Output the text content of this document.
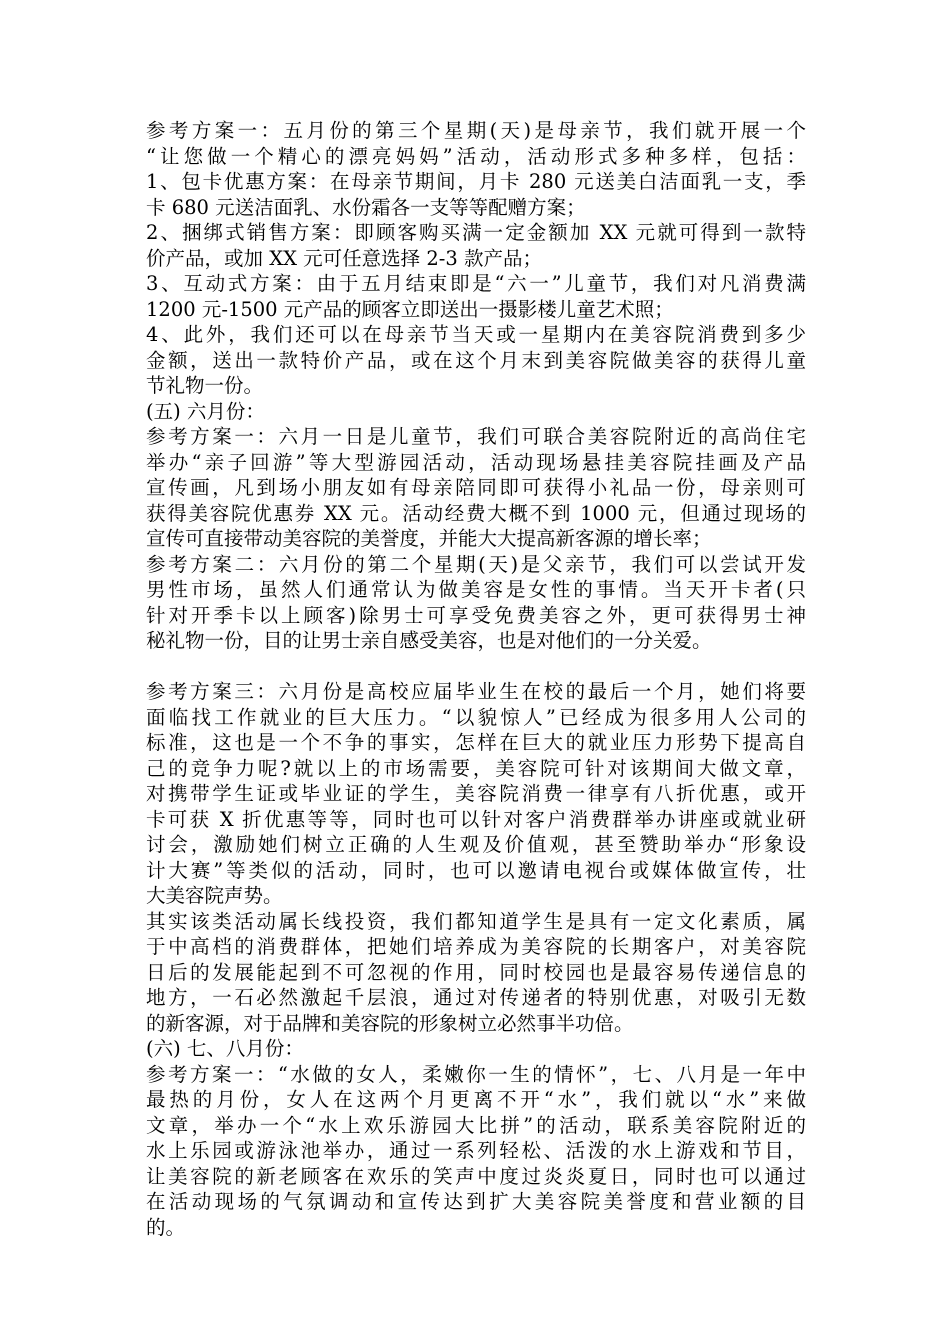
参考方案一：五月份的第三个星期(天)是母亲节，我们就开展一个
“让您做一个精心的漂亮妈妈”活动，活动形式多种多样，包括：
1、包卡优惠方案：在母亲节期间，月卡 280 元送美白洁面乳一支，季
卡 680 元送洁面乳、水份霜各一支等等配赠方案；
2、捆绑式销售方案：即顾客购买满一定金额加 XX 元就可得到一款特
价产品，或加 XX 元可任意选择 2-3 款产品；
3、互动式方案：由于五月结束即是“六一”儿童节，我们对凡消费满
1200 元-1500 元产品的顾客立即送出一摄影楼儿童艺术照；
4、此外，我们还可以在母亲节当天或一星期内在美容院消费到多少
金额，送出一款特价产品，或在这个月末到美容院做美容的获得儿童
节礼物一份。
(五) 六月份：
参考方案一：六月一日是儿童节，我们可联合美容院附近的高尚住宅
举办“亲子回游”等大型游园活动，活动现场悬挂美容院挂画及产品
宣传画，凡到场小朋友如有母亲陪同即可获得小礼品一份，母亲则可
获得美容院优惠券 XX 元。活动经费大概不到 1000 元，但通过现场的
宣传可直接带动美容院的美誉度，并能大大提高新客源的增长率；
参考方案二：六月份的第二个星期(天)是父亲节，我们可以尝试开发
男性市场，虽然人们通常认为做美容是女性的事情。当天开卡者(只
针对开季卡以上顾客)除男士可享受免费美容之外，更可获得男士神
秘礼物一份，目的让男士亲自感受美容，也是对他们的一分关爱。
参考方案三：六月份是高校应届毕业生在校的最后一个月，她们将要
面临找工作就业的巨大压力。“以貌惊人”已经成为很多用人公司的
标准，这也是一个不争的事实，怎样在巨大的就业压力形势下提高自
己的竞争力呢?就以上的市场需要，美容院可针对该期间大做文章，
对携带学生证或毕业证的学生，美容院消费一律享有八折优惠，或开
卡可获 X 折优惠等等，同时也可以针对客户消费群举办讲座或就业研
讨会，激励她们树立正确的人生观及价值观，甚至赞助举办“形象设
计大赛”等类似的活动，同时，也可以邀请电视台或媒体做宣传，壮
大美容院声势。
其实该类活动属长线投资，我们都知道学生是具有一定文化素质，属
于中高档的消费群体，把她们培养成为美容院的长期客户，对美容院
日后的发展能起到不可忽视的作用，同时校园也是最容易传递信息的
地方，一石必然激起千层浪，通过对传递者的特别优惠，对吸引无数
的新客源，对于品牌和美容院的形象树立必然事半功倍。
(六) 七、八月份：
参考方案一：“水做的女人，柔嫩你一生的情怀”，七、八月是一年中
最热的月份，女人在这两个月更离不开“水”，我们就以“水”来做
文章，举办一个“水上欢乐游园大比拼”的活动，联系美容院附近的
水上乐园或游泳池举办，通过一系列轻松、活泼的水上游戏和节目，
让美容院的新老顾客在欢乐的笑声中度过炎炎夏日，同时也可以通过
在活动现场的气氛调动和宣传达到扩大美容院美誉度和营业额的目
的。
